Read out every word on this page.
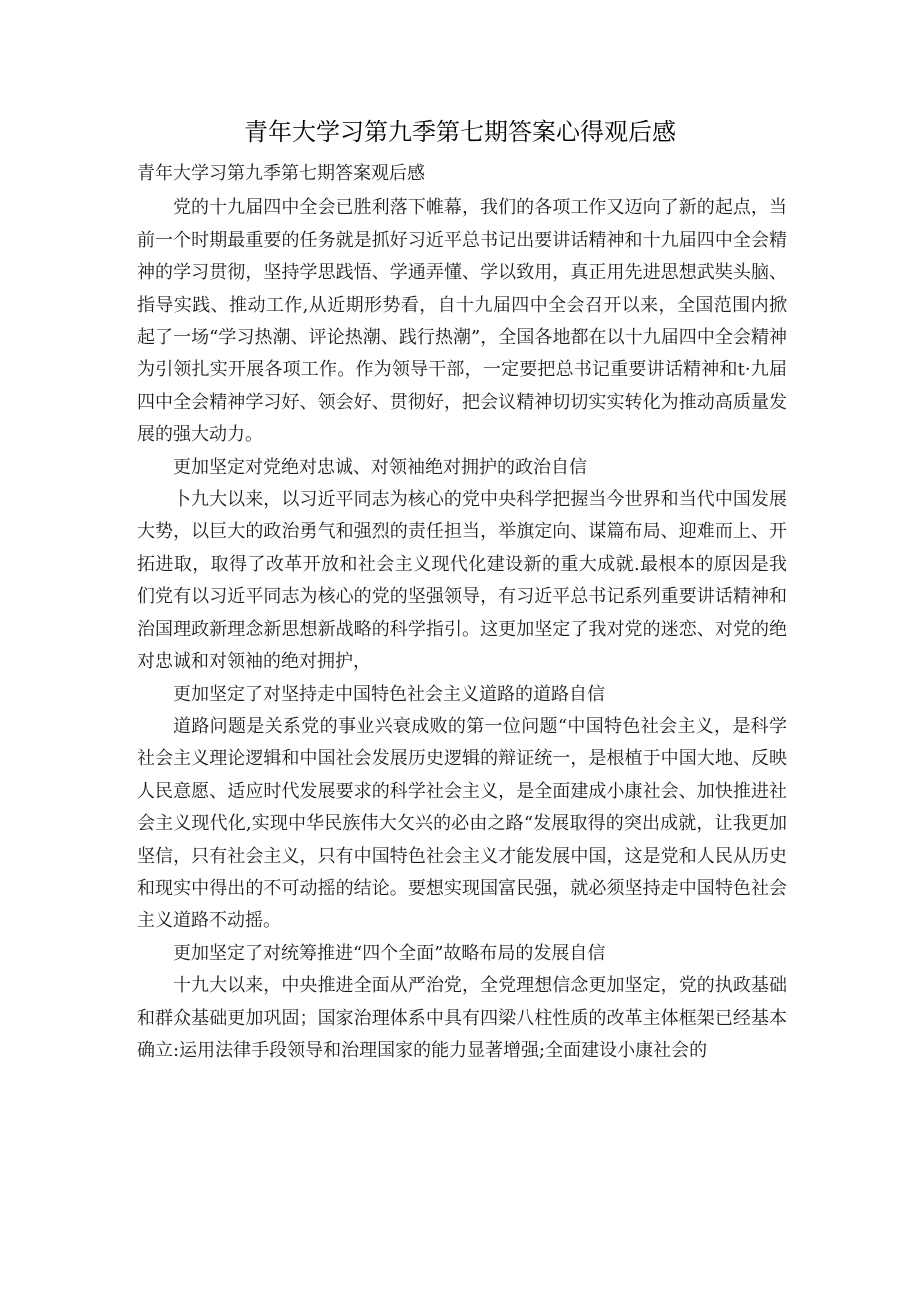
青年大学习第九季第七期答案心得观后感

青年大学习第九季第七期答案观后感

党的十九届四中全会已胜利落下帷幕，我们的各项工作又迈向了新的起点，当前一个时期最重要的任务就是抓好习近平总书记出要讲话精神和十九届四中全会精神的学习贯彻，坚持学思践悟、学通弄懂、学以致用，真正用先进思想武奘头脑、指导实践、推动工作,从近期形势看，自十九届四中全会召开以来，全国范围内掀起了一场“学习热潮、评论热潮、践行热潮”，全国各地都在以十九届四中全会精神为引领扎实开展各项工作。作为领导干部，一定要把总书记重要讲话精神和t·九届四中全会精神学习好、领会好、贯彻好，把会议精神切切实实转化为推动高质量发展的强大动力。

更加坚定对党绝对忠诚、对领袖绝对拥护的政治自信

卜九大以来，以习近平同志为核心的党中央科学把握当今世界和当代中国发展大势，以巨大的政治勇气和强烈的责任担当，举旗定向、谋篇布局、迎难而上、开拓进取，取得了改革开放和社会主义现代化建设新的重大成就.最根本的原因是我们党有以习近平同志为核心的党的坚强领导，有习近平总书记系列重要讲话精神和治国理政新理念新思想新战略的科学指引。这更加坚定了我对党的迷恋、对党的绝对忠诚和对领袖的绝对拥护，

更加坚定了对坚持走中国特色社会主义道路的道路自信

道路问题是关系党的事业兴衰成败的第一位问题“中国特色社会主义，是科学社会主义理论逻辑和中国社会发展历史逻辑的辩证统一，是根植于中国大地、反映人民意愿、适应时代发展要求的科学社会主义，是全面建成小康社会、加快推进社会主义现代化,实现中华民族伟大攵兴的必由之路“发展取得的突出成就，让我更加坚信，只有社会主义，只有中国特色社会主义才能发展中国，这是党和人民从历史和现实中得出的不可动摇的结论。要想实现国富民强，就必须坚持走中国特色社会主义道路不动摇。

更加坚定了对统筹推进“四个全面”故略布局的发展自信

十九大以来，中央推进全面从严治党，全党理想信念更加坚定，党的执政基础和群众基础更加巩固；国家治理体系中具有四梁八柱性质的改革主体框架已经基本确立:运用法律手段领导和治理国家的能力显著增强;全面建设小康社会的
